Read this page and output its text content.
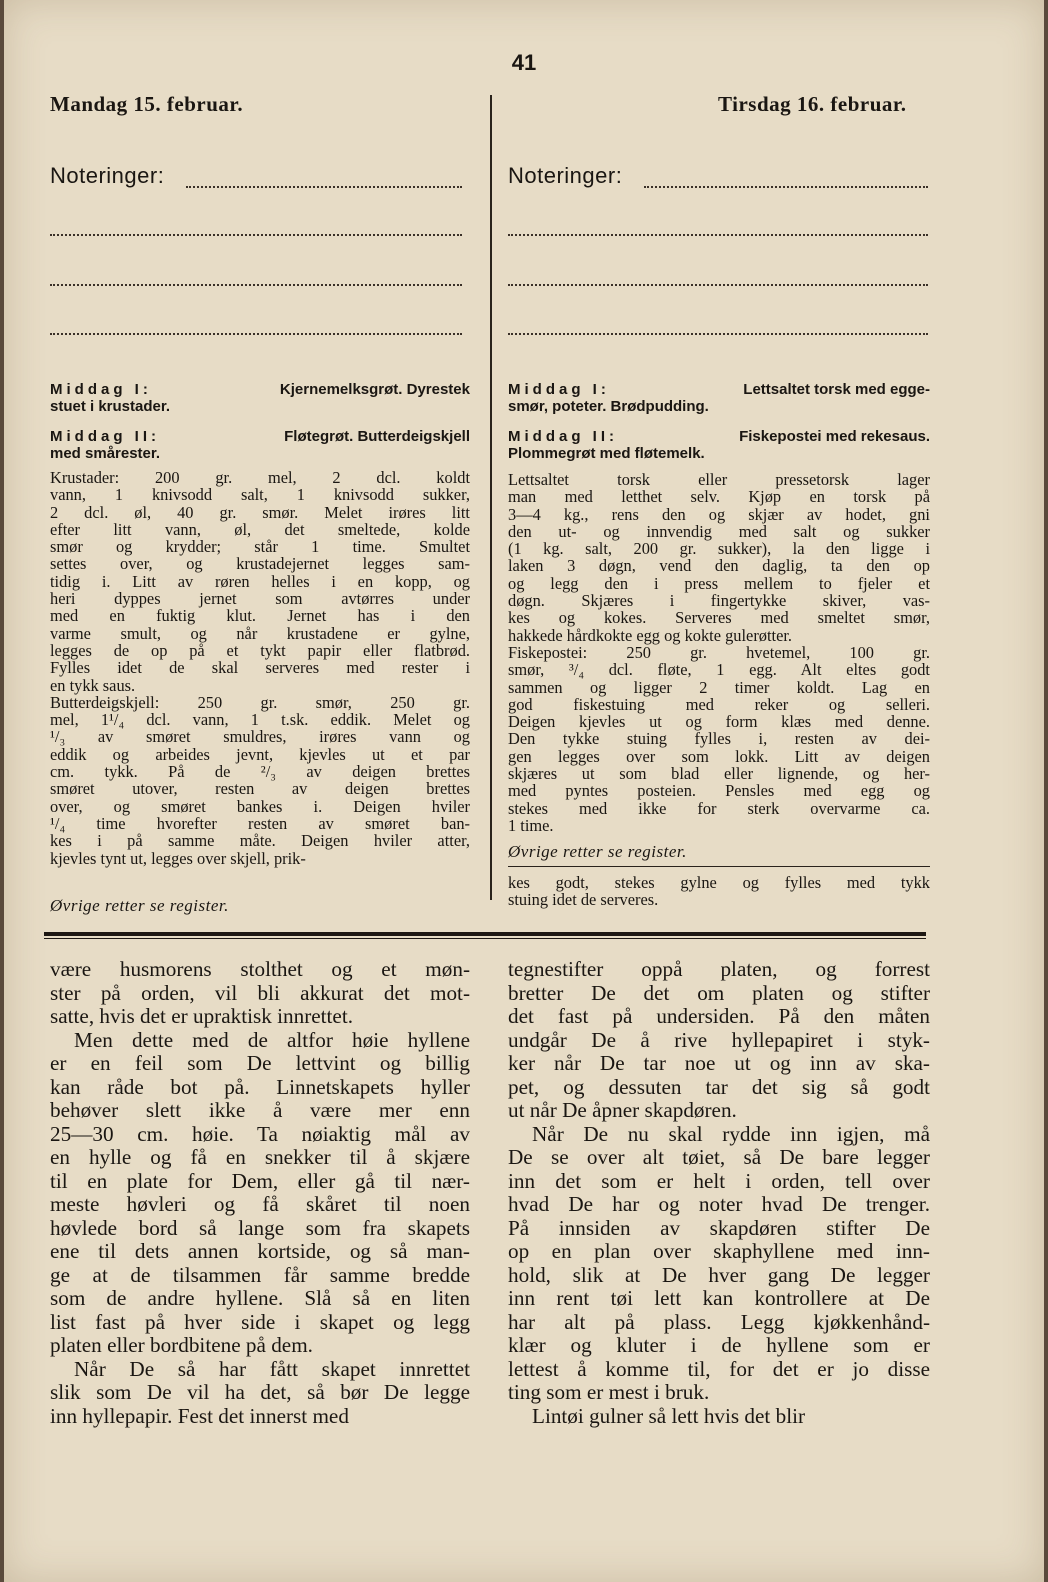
41
Mandag 15. februar.
Noteringer:
Tirsdag 16. februar.
Noteringer:
Middag I:	Kjernemelksgrøt. Dyrestek
stuet i krustader.
Middag II:	Fløtegrøt. Butterdeigskjell
med smårester.
Middag I:	Lettsaltet torsk med egge-
smør, poteter. Brødpudding.
Middag II:	Fiskepostei med rekesaus.
Plommegrøt med fløtemelk.
Krustader: 200 gr. mel, 2 dcl. koldt
vann, 1 knivsodd salt, 1 knivsodd sukker,
2 dcl. øl, 40 gr. smør. Melet irøres litt
efter litt vann, øl, det smeltede, kolde
smør og krydder; står 1 time. Smultet
settes over, og krustadejernet legges sam-
tidig i. Litt av røren helles i en kopp, og
heri dyppes jernet som avtørres under
med en fuktig klut. Jernet has i den
varme smult, og når krustadene er gylne,
legges de op på et tykt papir eller flatbrød.
Fylles idet de skal serveres med rester i
en tykk saus.
Butterdeigskjell: 250 gr. smør, 250 gr.
mel, 1¹/₄ dcl. vann, 1 t.sk. eddik. Melet og
¹/₃ av smøret smuldres, irøres vann og
eddik og arbeides jevnt, kjevles ut et par
cm. tykk. På de ²/₃ av deigen brettes
smøret utover, resten av deigen brettes
over, og smøret bankes i. Deigen hviler
¹/₄ time hvorefter resten av smøret ban-
kes i på samme måte. Deigen hviler atter,
kjevles tynt ut, legges over skjell, prik-
Lettsaltet torsk eller pressetorsk lager
man med letthet selv. Kjøp en torsk på
3—4 kg., rens den og skjær av hodet, gni
den ut- og innvendig med salt og sukker
(1 kg. salt, 200 gr. sukker), la den ligge i
laken 3 døgn, vend den daglig, ta den op
og legg den i press mellem to fjeler et
døgn. Skjæres i fingertykke skiver, vas-
kes og kokes. Serveres med smeltet smør,
hakkede hårdkokte egg og kokte gulerøtter.
Fiskepostei: 250 gr. hvetemel, 100 gr.
smør, ³/₄ dcl. fløte, 1 egg. Alt eltes godt
sammen og ligger 2 timer koldt. Lag en
god fiskestuing med reker og selleri.
Deigen kjevles ut og form klæs med denne.
Den tykke stuing fylles i, resten av dei-
gen legges over som lokk. Litt av deigen
skjæres ut som blad eller lignende, og her-
med pyntes posteien. Pensles med egg og
stekes med ikke for sterk overvarme ca.
1 time.
Øvrige retter se register.
Øvrige retter se register.
kes godt, stekes gylne og fylles med tykk
stuing idet de serveres.
være husmorens stolthet og et møn-
ster på orden, vil bli akkurat det mot-
satte, hvis det er upraktisk innrettet.
Men dette med de altfor høie hyllene
er en feil som De lettvint og billig
kan råde bot på. Linnetskapets hyller
behøver slett ikke å være mer enn
25—30 cm. høie. Ta nøiaktig mål av
en hylle og få en snekker til å skjære
til en plate for Dem, eller gå til nær-
meste høvleri og få skåret til noen
høvlede bord så lange som fra skapets
ene til dets annen kortside, og så man-
ge at de tilsammen får samme bredde
som de andre hyllene. Slå så en liten
list fast på hver side i skapet og legg
platen eller bordbitene på dem.
Når De så har fått skapet innrettet
slik som De vil ha det, så bør De legge
inn hyllepapir. Fest det innerst med
tegnestifter oppå platen, og forrest
bretter De det om platen og stifter
det fast på undersiden. På den måten
undgår De å rive hyllepapiret i styk-
ker når De tar noe ut og inn av ska-
pet, og dessuten tar det sig så godt
ut når De åpner skapdøren.
Når De nu skal rydde inn igjen, må
De se over alt tøiet, så De bare legger
inn det som er helt i orden, tell over
hvad De har og noter hvad De trenger.
På innsiden av skapdøren stifter De
op en plan over skaphyllene med inn-
hold, slik at De hver gang De legger
inn rent tøi lett kan kontrollere at De
har alt på plass. Legg kjøkkenhånd-
klær og kluter i de hyllene som er
lettest å komme til, for det er jo disse
ting som er mest i bruk.
Lintøi gulner så lett hvis det blir
